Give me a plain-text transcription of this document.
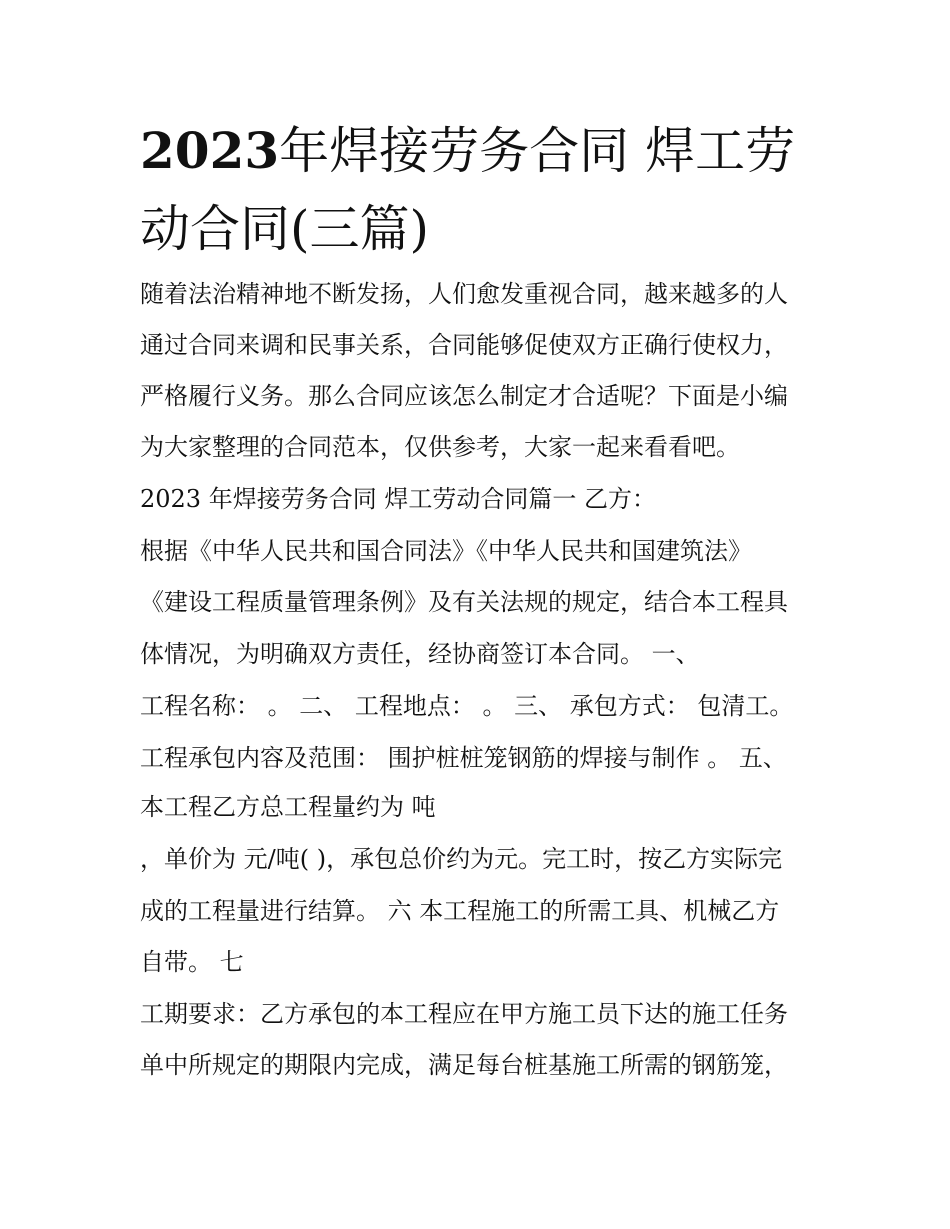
2023年焊接劳务合同 焊工劳
动合同(三篇)
随着法治精神地不断发扬，人们愈发重视合同，越来越多的人
通过合同来调和民事关系，合同能够促使双方正确行使权力，
严格履行义务。那么合同应该怎么制定才合适呢？下面是小编
为大家整理的合同范本，仅供参考，大家一起来看看吧。
2023 年焊接劳务合同 焊工劳动合同篇一 乙方：
根据《中华人民共和国合同法》《中华人民共和国建筑法》
《建设工程质量管理条例》及有关法规的规定，结合本工程具
体情况，为明确双方责任，经协商签订本合同。 一、
工程名称： 。 二、 工程地点： 。 三、 承包方式： 包清工。
工程承包内容及范围： 围护桩桩笼钢筋的焊接与制作 。 五、
本工程乙方总工程量约为 吨
，单价为 元/吨( )，承包总价约为元。完工时，按乙方实际完
成的工程量进行结算。 六 本工程施工的所需工具、机械乙方
自带。 七
工期要求：乙方承包的本工程应在甲方施工员下达的施工任务
单中所规定的期限内完成，满足每台桩基施工所需的钢筋笼，
